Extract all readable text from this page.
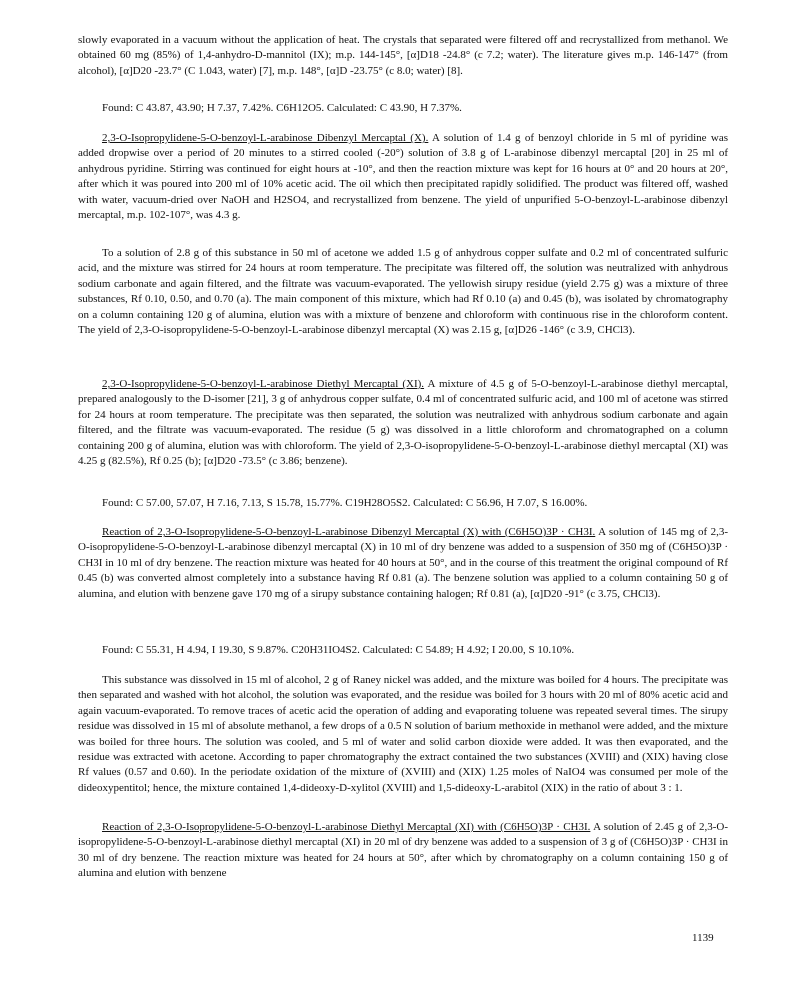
slowly evaporated in a vacuum without the application of heat. The crystals that separated were filtered off and recrystallized from methanol. We obtained 60 mg (85%) of 1,4-anhydro-D-mannitol (IX); m.p. 144-145°, [α]D18 -24.8° (c 7.2; water). The literature gives m.p. 146-147° (from alcohol), [α]D20 -23.7° (C 1.043, water) [7], m.p. 148°, [α]D -23.75° (c 8.0; water) [8].

Found: C 43.87, 43.90; H 7.37, 7.42%. C6H12O5. Calculated: C 43.90, H 7.37%.

2,3-O-Isopropylidene-5-O-benzoyl-L-arabinose Dibenzyl Mercaptal (X). A solution of 1.4 g of benzoyl chloride in 5 ml of pyridine was added dropwise over a period of 20 minutes to a stirred cooled (-20°) solution of 3.8 g of L-arabinose dibenzyl mercaptal [20] in 25 ml of anhydrous pyridine. Stirring was continued for eight hours at -10°, and then the reaction mixture was kept for 16 hours at 0° and 20 hours at 20°, after which it was poured into 200 ml of 10% acetic acid. The oil which then precipitated rapidly solidified. The product was filtered off, washed with water, vacuum-dried over NaOH and H2SO4, and recrystallized from benzene. The yield of unpurified 5-O-benzoyl-L-arabinose dibenzyl mercaptal, m.p. 102-107°, was 4.3 g.

To a solution of 2.8 g of this substance in 50 ml of acetone we added 1.5 g of anhydrous copper sulfate and 0.2 ml of concentrated sulfuric acid, and the mixture was stirred for 24 hours at room temperature. The precipitate was filtered off, the solution was neutralized with anhydrous sodium carbonate and again filtered, and the filtrate was vacuum-evaporated. The yellowish sirupy residue (yield 2.75 g) was a mixture of three substances, Rf 0.10, 0.50, and 0.70 (a). The main component of this mixture, which had Rf 0.10 (a) and 0.45 (b), was isolated by chromatography on a column containing 120 g of alumina, elution was with a mixture of benzene and chloroform with continuous rise in the chloroform content. The yield of 2,3-O-isopropylidene-5-O-benzoyl-L-arabinose dibenzyl mercaptal (X) was 2.15 g, [α]D26 -146° (c 3.9, CHCl3).

2,3-O-Isopropylidene-5-O-benzoyl-L-arabinose Diethyl Mercaptal (XI). A mixture of 4.5 g of 5-O-benzoyl-L-arabinose diethyl mercaptal, prepared analogously to the D-isomer [21], 3 g of anhydrous copper sulfate, 0.4 ml of concentrated sulfuric acid, and 100 ml of acetone was stirred for 24 hours at room temperature. The precipitate was then separated, the solution was neutralized with anhydrous sodium carbonate and again filtered, and the filtrate was vacuum-evaporated. The residue (5 g) was dissolved in a little chloroform and chromatographed on a column containing 200 g of alumina, elution was with chloroform. The yield of 2,3-O-isopropylidene-5-O-benzoyl-L-arabinose diethyl mercaptal (XI) was 4.25 g (82.5%), Rf 0.25 (b); [α]D20 -73.5° (c 3.86; benzene).

Found: C 57.00, 57.07, H 7.16, 7.13, S 15.78, 15.77%. C19H28O5S2. Calculated: C 56.96, H 7.07, S 16.00%.

Reaction of 2,3-O-Isopropylidene-5-O-benzoyl-L-arabinose Dibenzyl Mercaptal (X) with (C6H5O)3P · CH3I. A solution of 145 mg of 2,3-O-isopropylidene-5-O-benzoyl-L-arabinose dibenzyl mercaptal (X) in 10 ml of dry benzene was added to a suspension of 350 mg of (C6H5O)3P · CH3I in 10 ml of dry benzene. The reaction mixture was heated for 40 hours at 50°, and in the course of this treatment the original compound of Rf 0.45 (b) was converted almost completely into a substance having Rf 0.81 (a). The benzene solution was applied to a column containing 50 g of alumina, and elution with benzene gave 170 mg of a sirupy substance containing halogen; Rf 0.81 (a), [α]D20 -91° (c 3.75, CHCl3).

Found: C 55.31, H 4.94, I 19.30, S 9.87%. C20H31IO4S2. Calculated: C 54.89; H 4.92; I 20.00, S 10.10%.

This substance was dissolved in 15 ml of alcohol, 2 g of Raney nickel was added, and the mixture was boiled for 4 hours. The precipitate was then separated and washed with hot alcohol, the solution was evaporated, and the residue was boiled for 3 hours with 20 ml of 80% acetic acid and again vacuum-evaporated. To remove traces of acetic acid the operation of adding and evaporating toluene was repeated several times. The sirupy residue was dissolved in 15 ml of absolute methanol, a few drops of a 0.5 N solution of barium methoxide in methanol were added, and the mixture was boiled for three hours. The solution was cooled, and 5 ml of water and solid carbon dioxide were added. It was then evaporated, and the residue was extracted with acetone. According to paper chromatography the extract contained the two substances (XVIII) and (XIX) having close Rf values (0.57 and 0.60). In the periodate oxidation of the mixture of (XVIII) and (XIX) 1.25 moles of NaIO4 was consumed per mole of the dideoxypentitol; hence, the mixture contained 1,4-dideoxy-D-xylitol (XVIII) and 1,5-dideoxy-L-arabitol (XIX) in the ratio of about 3 : 1.

Reaction of 2,3-O-Isopropylidene-5-O-benzoyl-L-arabinose Diethyl Mercaptal (XI) with (C6H5O)3P · CH3I. A solution of 2.45 g of 2,3-O-isopropylidene-5-O-benzoyl-L-arabinose diethyl mercaptal (XI) in 20 ml of dry benzene was added to a suspension of 3 g of (C6H5O)3P · CH3I in 30 ml of dry benzene. The reaction mixture was heated for 24 hours at 50°, after which by chromatography on a column containing 150 g of alumina and elution with benzene

1139
